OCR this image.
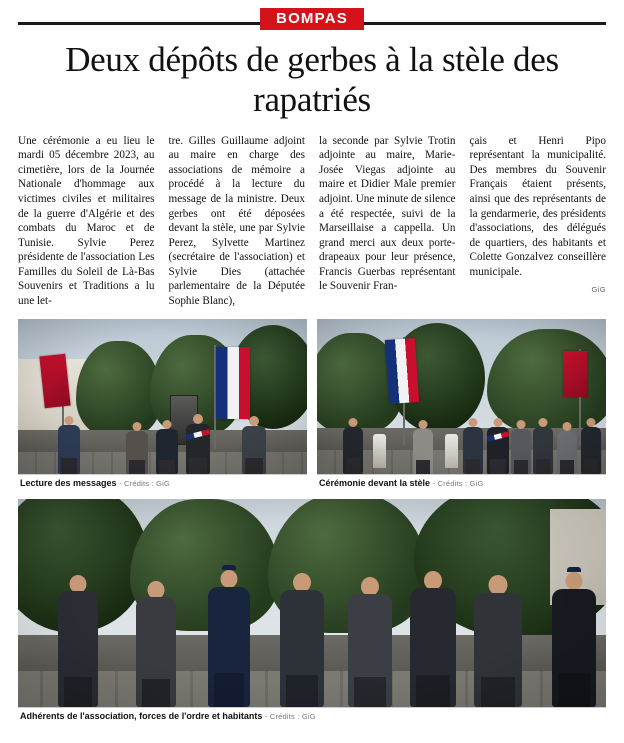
BOMPAS
Deux dépôts de gerbes à la stèle des rapatriés

Une cérémonie a eu lieu le mardi 05 décembre 2023, au cimetière, lors de la Journée Nationale d'hommage aux victimes civiles et militaires de la guerre d'Algérie et des combats du Maroc et de Tunisie. Sylvie Perez présidente de l'association Les Familles du Soleil de Là-Bas Souvenirs et Traditions a lu une let-

tre. Gilles Guillaume adjoint au maire en charge des associations de mémoire a procédé à la lecture du message de la ministre. Deux gerbes ont été déposées devant la stèle, une par Sylvie Perez, Sylvette Martinez (secrétaire de l'association) et Sylvie Dies (attachée parlementaire de la Députée Sophie Blanc),

la seconde par Sylvie Trotin adjointe au maire, Marie-Josée Viegas adjointe au maire et Didier Male premier adjoint. Une minute de silence a été respectée, suivi de la Marseillaise a cappella. Un grand merci aux deux porte-drapeaux pour leur présence, Francis Guerbas représentant le Souvenir Fran-

çais et Henri Pipo représentant la municipalité. Des membres du Souvenir Français étaient présents, ainsi que des représentants de la gendarmerie, des présidents d'associations, des délégués de quartiers, des habitants et Colette Gonzalvez conseillère municipale.

GiG
Lecture des messages - Crédits : GiG	Cérémonie devant la stèle - Crédits : GiG
Adhérents de l'association, forces de l'ordre et habitants - Crédits : GiG
